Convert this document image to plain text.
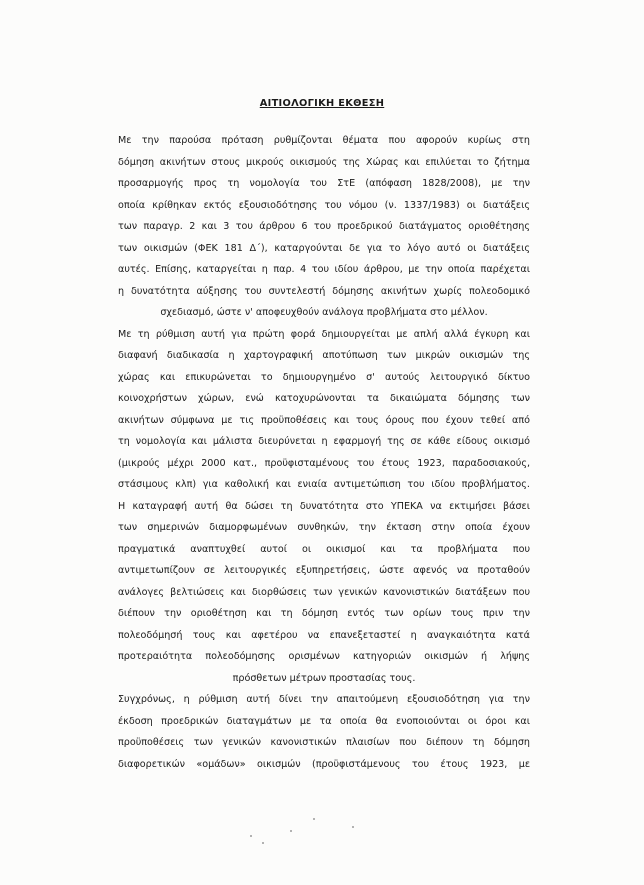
ΑΙΤΙΟΛΟΓΙΚΗ ΕΚΘΕΣΗ
Με την παρούσα πρόταση ρυθμίζονται θέματα που αφορούν κυρίως στη
δόμηση ακινήτων στους μικρούς οικισμούς της Χώρας και επιλύεται το ζήτημα
προσαρμογής προς τη νομολογία του ΣτΕ (απόφαση 1828/2008), με την
οποία κρίθηκαν εκτός εξουσιοδότησης του νόμου (ν. 1337/1983) οι διατάξεις
των παραγρ. 2 και 3 του άρθρου 6 του προεδρικού διατάγματος οριοθέτησης
των οικισμών (ΦΕΚ 181 Δ΄), καταργούνται δε για το λόγο αυτό οι διατάξεις
αυτές. Επίσης, καταργείται η παρ. 4 του ιδίου άρθρου, με την οποία παρέχεται
η δυνατότητα αύξησης του συντελεστή δόμησης ακινήτων χωρίς πολεοδομικό
σχεδιασμό, ώστε ν' αποφευχθούν ανάλογα προβλήματα στο μέλλον.
Με τη ρύθμιση αυτή για πρώτη φορά δημιουργείται με απλή αλλά έγκυρη και
διαφανή διαδικασία η χαρτογραφική αποτύπωση των μικρών οικισμών της
χώρας και επικυρώνεται το δημιουργημένο σ' αυτούς λειτουργικό δίκτυο
κοινοχρήστων χώρων, ενώ κατοχυρώνονται τα δικαιώματα δόμησης των
ακινήτων σύμφωνα με τις προϋποθέσεις και τους όρους που έχουν τεθεί από
τη νομολογία και μάλιστα διευρύνεται η εφαρμογή της σε κάθε είδους οικισμό
(μικρούς μέχρι 2000 κατ., προϋφισταμένους του έτους 1923, παραδοσιακούς,
στάσιμους κλπ) για καθολική και ενιαία αντιμετώπιση του ιδίου προβλήματος.
Η καταγραφή αυτή θα δώσει τη δυνατότητα στο ΥΠΕΚΑ να εκτιμήσει βάσει
των σημερινών διαμορφωμένων συνθηκών, την έκταση στην οποία έχουν
πραγματικά αναπτυχθεί αυτοί οι οικισμοί και τα προβλήματα που
αντιμετωπίζουν σε λειτουργικές εξυπηρετήσεις, ώστε αφενός να προταθούν
ανάλογες βελτιώσεις και διορθώσεις των γενικών κανονιστικών διατάξεων που
διέπουν την οριοθέτηση και τη δόμηση εντός των ορίων τους πριν την
πολεοδόμησή τους και αφετέρου να επανεξεταστεί η αναγκαιότητα κατά
προτεραιότητα πολεοδόμησης ορισμένων κατηγοριών οικισμών ή λήψης
πρόσθετων μέτρων προστασίας τους.
Συγχρόνως, η ρύθμιση αυτή δίνει την απαιτούμενη εξουσιοδότηση για την
έκδοση προεδρικών διαταγμάτων με τα οποία θα ενοποιούνται οι όροι και
προϋποθέσεις των γενικών κανονιστικών πλαισίων που διέπουν τη δόμηση
διαφορετικών «ομάδων» οικισμών (προϋφιστάμενους του έτους 1923, με
